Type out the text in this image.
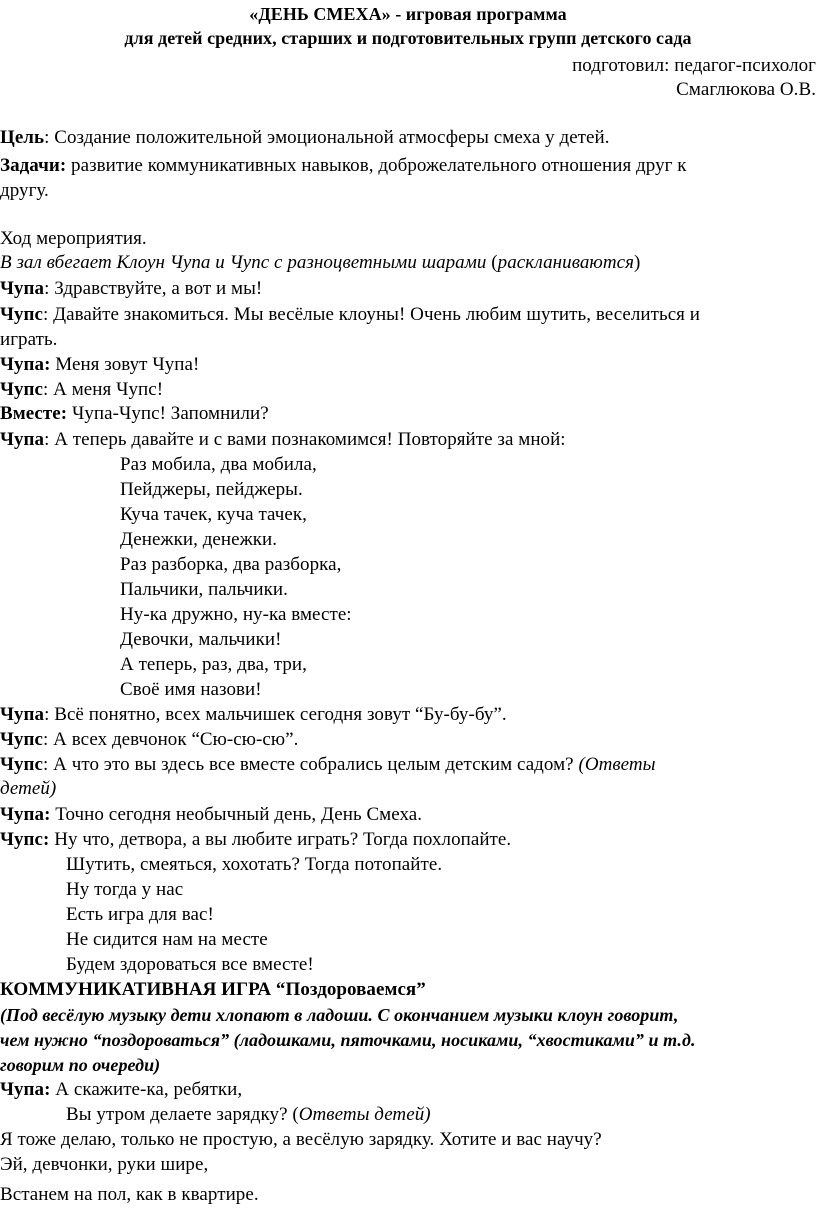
«ДЕНЬ СМЕХА» - игровая программа
для детей средних, старших и подготовительных групп детского сада
подготовил: педагог-психолог
Смаглюкова О.В.
Цель: Создание положительной эмоциональной атмосферы смеха у детей.
Задачи: развитие коммуникативных навыков, доброжелательного отношения друг к
другу.
Ход мероприятия.
В зал вбегает Клоун Чупа и Чупс с разноцветными шарами (раскланиваются)
Чупа: Здравствуйте, а вот и мы!
Чупс: Давайте знакомиться. Мы весёлые клоуны! Очень любим шутить, веселиться и
играть.
Чупа: Меня зовут Чупа!
Чупс: А меня Чупс!
Вместе: Чупа-Чупс! Запомнили?
Чупа: А теперь давайте и с вами познакомимся! Повторяйте за мной:
Раз мобила, два мобила,
Пейджеры, пейджеры.
Куча тачек, куча тачек,
Денежки, денежки.
Раз разборка, два разборка,
Пальчики, пальчики.
Ну-ка дружно, ну-ка вместе:
Девочки, мальчики!
А теперь, раз, два, три,
Своё имя назови!
Чупа: Всё понятно, всех мальчишек сегодня зовут “Бу-бу-бу”.
Чупс: А всех девчонок “Сю-сю-сю”.
Чупс: А что это вы здесь все вместе собрались целым детским садом? (Ответы
детей)
Чупа: Точно сегодня необычный день, День Смеха.
Чупс: Ну что, детвора, а вы любите играть? Тогда похлопайте.
Шутить, смеяться, хохотать? Тогда потопайте.
Ну тогда у нас
Есть игра для вас!
Не сидится нам на месте
Будем здороваться все вместе!
КОММУНИКАТИВНАЯ ИГРА “Поздороваемся”
(Под весёлую музыку дети хлопают в ладоши. С окончанием музыки клоун говорит,
чем нужно “поздороваться” (ладошками, пяточками, носиками, “хвостиками” и т.д.
говорим по очереди)
Чупа: А скажите-ка, ребятки,
Вы утром делаете зарядку? (Ответы детей)
Я тоже делаю, только не простую, а весёлую зарядку. Хотите и вас научу?
Эй, девчонки, руки шире,
Встанем на пол, как в квартире.
